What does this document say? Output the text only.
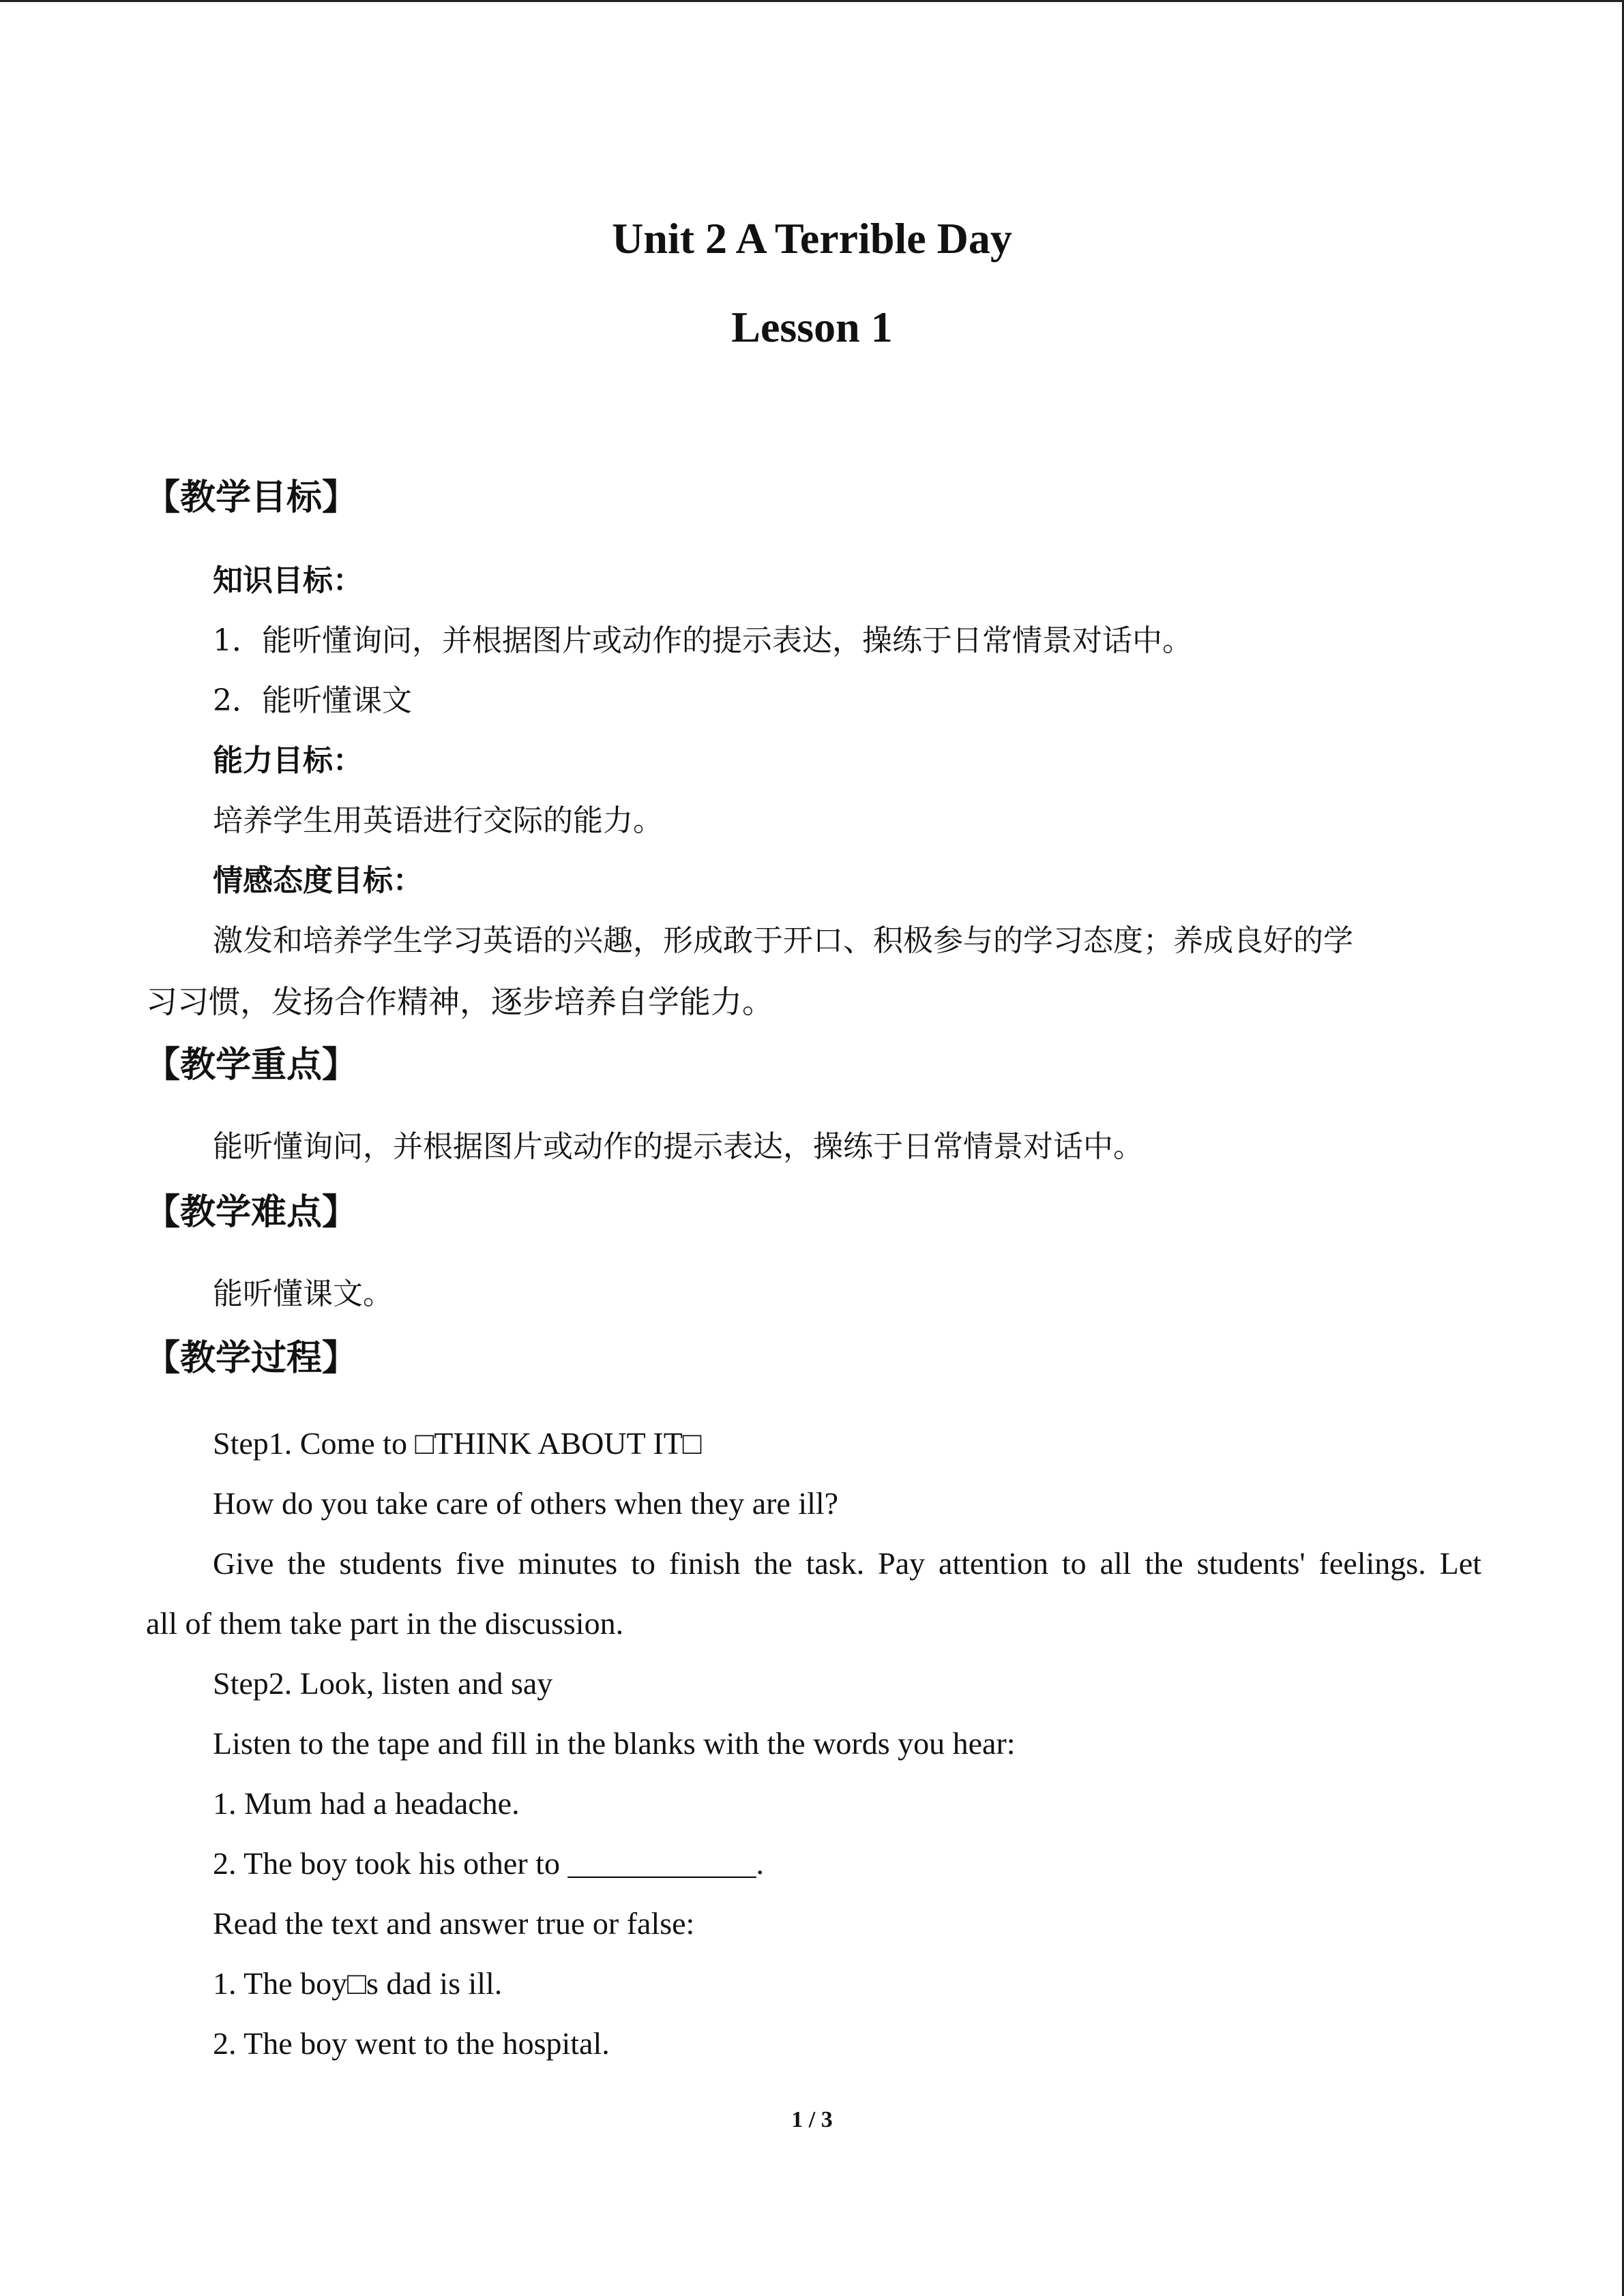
Unit 2 A Terrible Day
Lesson 1
【教学目标】
知识目标：
1．能听懂询问，并根据图片或动作的提示表达，操练于日常情景对话中。
2．能听懂课文
能力目标：
培养学生用英语进行交际的能力。
情感态度目标：
激发和培养学生学习英语的兴趣，形成敢于开口、积极参与的学习态度；养成良好的学
习习惯，发扬合作精神，逐步培养自学能力。
【教学重点】
能听懂询问，并根据图片或动作的提示表达，操练于日常情景对话中。
【教学难点】
能听懂课文。
【教学过程】
Step1. Come to □THINK ABOUT IT□
How do you take care of others when they are ill?
Give the students five minutes to finish the task. Pay attention to all the students' feelings. Let
all of them take part in the discussion.
Step2. Look, listen and say
Listen to the tape and fill in the blanks with the words you hear:
1. Mum had a headache.
2. The boy took his other to ____________.
Read the text and answer true or false:
1. The boy□s dad is ill.
2. The boy went to the hospital.
1 / 3
